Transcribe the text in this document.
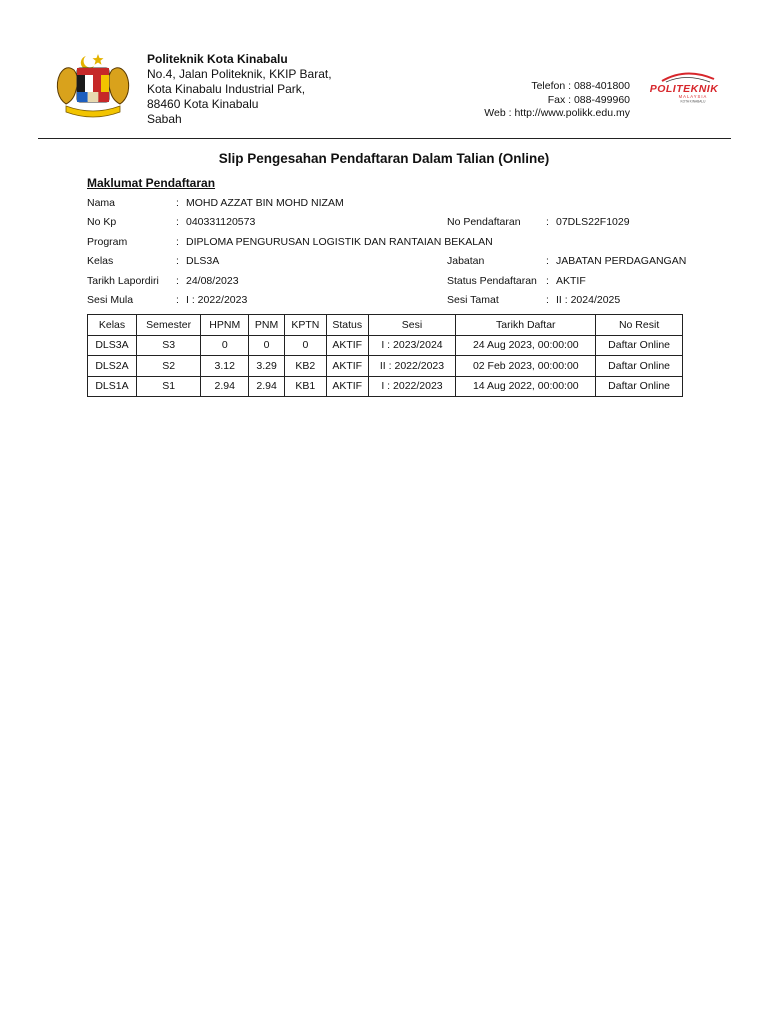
Politeknik Kota Kinabalu
No.4, Jalan Politeknik, KKIP Barat,
Kota Kinabalu Industrial Park,
88460 Kota Kinabalu
Sabah
Telefon : 088-401800
Fax : 088-499960
Web : http://www.polikk.edu.my
POLITEKNIK
MALAYSIA
KOTA KINABALU
Slip Pengesahan Pendaftaran Dalam Talian (Online)
Maklumat Pendaftaran
Nama	: MOHD AZZAT BIN MOHD NIZAM
No Kp	: 040331120573	No Pendaftaran : 07DLS22F1029
Program	: DIPLOMA PENGURUSAN LOGISTIK DAN RANTAIAN BEKALAN
Kelas	: DLS3A	Jabatan	: JABATAN PERDAGANGAN
Tarikh Lapordiri : 24/08/2023	Status Pendaftaran : AKTIF
Sesi Mula	: I : 2022/2023	Sesi Tamat	: II : 2024/2025
Kelas	Semester	HPNM	PNM	KPTN	Status	Sesi	Tarikh Daftar	No Resit
DLS3A	S3	0	0	0	AKTIF	I : 2023/2024	24 Aug 2023, 00:00:00	Daftar Online
DLS2A	S2	3.12	3.29	KB2	AKTIF	II : 2022/2023	02 Feb 2023, 00:00:00	Daftar Online
DLS1A	S1	2.94	2.94	KB1	AKTIF	I : 2022/2023	14 Aug 2022, 00:00:00	Daftar Online
